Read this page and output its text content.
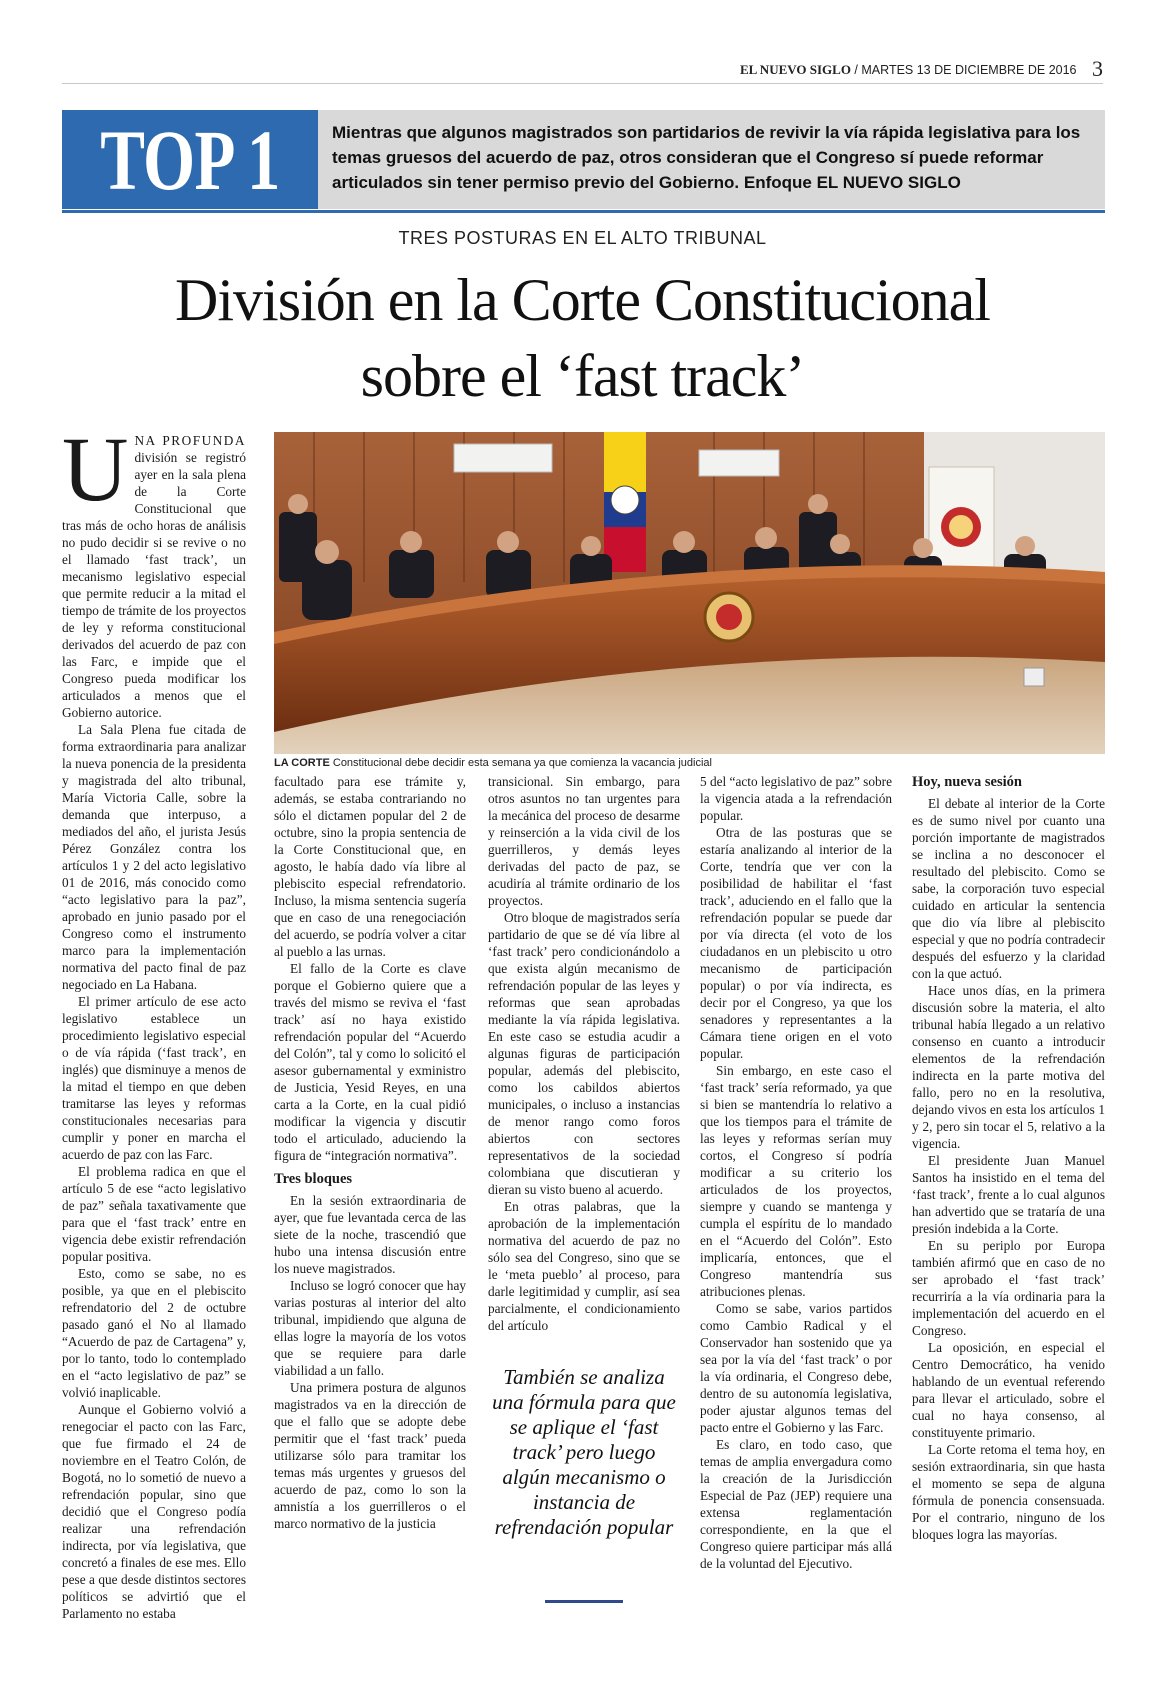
EL NUEVO SIGLO / MARTES 13 DE DICIEMBRE DE 2016 3
TOP 1	Mientras que algunos magistrados son partidarios de revivir la vía rápida legislativa para los temas gruesos del acuerdo de paz, otros consideran que el Congreso sí puede reformar articulados sin tener permiso previo del Gobierno. Enfoque EL NUEVO SIGLO
TRES POSTURAS EN EL ALTO TRIBUNAL
División en la Corte Constitucional
sobre el ‘fast track’
LA CORTE Constitucional debe decidir esta semana ya que comienza la vacancia judicial

UNA PROFUNDA división se registró ayer en la sala plena de la Corte Constitucional que tras más de ocho horas de análisis no pudo decidir si se revive o no el llamado ‘fast track’, un mecanismo legislativo especial que permite reducir a la mitad el tiempo de trámite de los proyectos de ley y reforma constitucional derivados del acuerdo de paz con las Farc, e impide que el Congreso pueda modificar los articulados a menos que el Gobierno autorice.

La Sala Plena fue citada de forma extraordinaria para analizar la nueva ponencia de la presidenta y magistrada del alto tribunal, María Victoria Calle, sobre la demanda que interpuso, a mediados del año, el jurista Jesús Pérez González contra los artículos 1 y 2 del acto legislativo 01 de 2016, más conocido como “acto legislativo para la paz”, aprobado en junio pasado por el Congreso como el instrumento marco para la implementación normativa del pacto final de paz negociado en La Habana.

El primer artículo de ese acto legislativo establece un procedimiento legislativo especial o de vía rápida (‘fast track’, en inglés) que disminuye a menos de la mitad el tiempo en que deben tramitarse las leyes y reformas constitucionales necesarias para cumplir y poner en marcha el acuerdo de paz con las Farc.

El problema radica en que el artículo 5 de ese “acto legislativo de paz” señala taxativamente que para que el ‘fast track’ entre en vigencia debe existir refrendación popular positiva.

Esto, como se sabe, no es posible, ya que en el plebiscito refrendatorio del 2 de octubre pasado ganó el No al llamado “Acuerdo de paz de Cartagena” y, por lo tanto, todo lo contemplado en el “acto legislativo de paz” se volvió inaplicable.

Aunque el Gobierno volvió a renegociar el pacto con las Farc, que fue firmado el 24 de noviembre en el Teatro Colón, de Bogotá, no lo sometió de nuevo a refrendación popular, sino que decidió que el Congreso podía realizar una refrendación indirecta, por vía legislativa, que concretó a finales de ese mes. Ello pese a que desde distintos sectores políticos se advirtió que el Parlamento no estaba

facultado para ese trámite y, además, se estaba contrariando no sólo el dictamen popular del 2 de octubre, sino la propia sentencia de la Corte Constitucional que, en agosto, le había dado vía libre al plebiscito especial refrendatorio. Incluso, la misma sentencia sugería que en caso de una renegociación del acuerdo, se podría volver a citar al pueblo a las urnas.

El fallo de la Corte es clave porque el Gobierno quiere que a través del mismo se reviva el ‘fast track’ así no haya existido refrendación popular del “Acuerdo del Colón”, tal y como lo solicitó el asesor gubernamental y exministro de Justicia, Yesid Reyes, en una carta a la Corte, en la cual pidió modificar la vigencia y discutir todo el articulado, aduciendo la figura de “integración normativa”.

Tres bloques

En la sesión extraordinaria de ayer, que fue levantada cerca de las siete de la noche, trascendió que hubo una intensa discusión entre los nueve magistrados.

Incluso se logró conocer que hay varias posturas al interior del alto tribunal, impidiendo que alguna de ellas logre la mayoría de los votos que se requiere para darle viabilidad a un fallo.

Una primera postura de algunos magistrados va en la dirección de que el fallo que se adopte debe permitir que el ‘fast track’ pueda utilizarse sólo para tramitar los temas más urgentes y gruesos del acuerdo de paz, como lo son la amnistía a los guerrilleros o el marco normativo de la justicia

transicional. Sin embargo, para otros asuntos no tan urgentes para la mecánica del proceso de desarme y reinserción a la vida civil de los guerrilleros, y demás leyes derivadas del pacto de paz, se acudiría al trámite ordinario de los proyectos.

Otro bloque de magistrados sería partidario de que se dé vía libre al ‘fast track’ pero condicionándolo a que exista algún mecanismo de refrendación popular de las leyes y reformas que sean aprobadas mediante la vía rápida legislativa. En este caso se estudia acudir a algunas figuras de participación popular, además del plebiscito, como los cabildos abiertos municipales, o incluso a instancias de menor rango como foros abiertos con sectores representativos de la sociedad colombiana que discutieran y dieran su visto bueno al acuerdo.

En otras palabras, que la aprobación de la implementación normativa del acuerdo de paz no sólo sea del Congreso, sino que se le ‘meta pueblo’ al proceso, para darle legitimidad y cumplir, así sea parcialmente, el condicionamiento del artículo

También se analiza una fórmula para que se aplique el ‘fast track’ pero luego algún mecanismo o instancia de refrendación popular

5 del “acto legislativo de paz” sobre la vigencia atada a la refrendación popular.

Otra de las posturas que se estaría analizando al interior de la Corte, tendría que ver con la posibilidad de habilitar el ‘fast track’, aduciendo en el fallo que la refrendación popular se puede dar por vía directa (el voto de los ciudadanos en un plebiscito u otro mecanismo de participación popular) o por vía indirecta, es decir por el Congreso, ya que los senadores y representantes a la Cámara tiene origen en el voto popular.

Sin embargo, en este caso el ‘fast track’ sería reformado, ya que si bien se mantendría lo relativo a que los tiempos para el trámite de las leyes y reformas serían muy cortos, el Congreso sí podría modificar a su criterio los articulados de los proyectos, siempre y cuando se mantenga y cumpla el espíritu de lo mandado en el “Acuerdo del Colón”. Esto implicaría, entonces, que el Congreso mantendría sus atribuciones plenas.

Como se sabe, varios partidos como Cambio Radical y el Conservador han sostenido que ya sea por la vía del ‘fast track’ o por la vía ordinaria, el Congreso debe, dentro de su autonomía legislativa, poder ajustar algunos temas del pacto entre el Gobierno y las Farc.

Es claro, en todo caso, que temas de amplia envergadura como la creación de la Jurisdicción Especial de Paz (JEP) requiere una extensa reglamentación correspondiente, en la que el Congreso quiere participar más allá de la voluntad del Ejecutivo.

Hoy, nueva sesión

El debate al interior de la Corte es de sumo nivel por cuanto una porción importante de magistrados se inclina a no desconocer el resultado del plebiscito. Como se sabe, la corporación tuvo especial cuidado en articular la sentencia que dio vía libre al plebiscito especial y que no podría contradecir después del esfuerzo y la claridad con la que actuó.

Hace unos días, en la primera discusión sobre la materia, el alto tribunal había llegado a un relativo consenso en cuanto a introducir elementos de la refrendación indirecta en la parte motiva del fallo, pero no en la resolutiva, dejando vivos en esta los artículos 1 y 2, pero sin tocar el 5, relativo a la vigencia.

El presidente Juan Manuel Santos ha insistido en el tema del ‘fast track’, frente a lo cual algunos han advertido que se trataría de una presión indebida a la Corte.

En su periplo por Europa también afirmó que en caso de no ser aprobado el ‘fast track’ recurriría a la vía ordinaria para la implementación del acuerdo en el Congreso.

La oposición, en especial el Centro Democrático, ha venido hablando de un eventual referendo para llevar el articulado, sobre el cual no haya consenso, al constituyente primario.

La Corte retoma el tema hoy, en sesión extraordinaria, sin que hasta el momento se sepa de alguna fórmula de ponencia consensuada. Por el contrario, ninguno de los bloques logra las mayorías.
